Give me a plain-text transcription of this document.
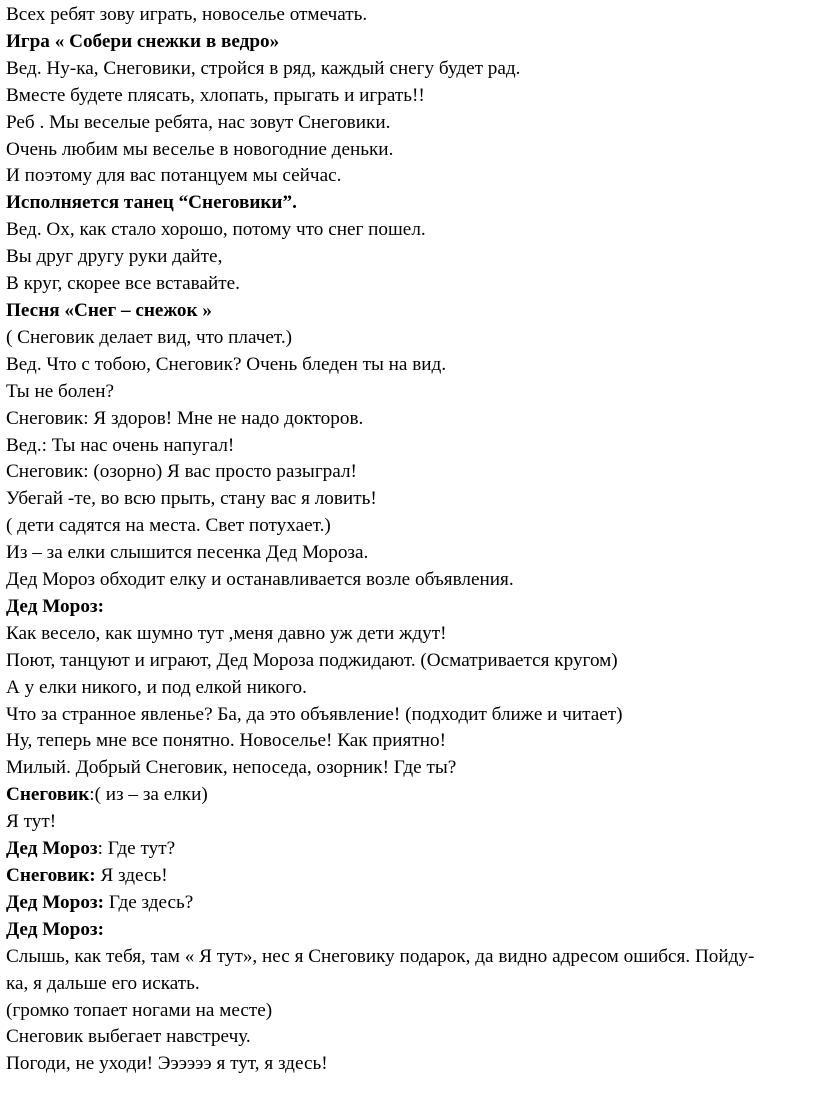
Всех ребят зову играть, новоселье отмечать.

Игра « Собери снежки в ведро»

Вед. Ну-ка, Снеговики, стройся в ряд, каждый снегу будет рад.

Вместе будете плясать, хлопать, прыгать и играть!!

Реб . Мы веселые ребята, нас зовут Снеговики.

Очень любим мы веселье в новогодние деньки.

И поэтому для вас потанцуем мы сейчас.

Исполняется танец “Снеговики”.

Вед. Ох, как стало хорошо, потому что снег пошел.

Вы друг другу руки дайте,

В круг, скорее все вставайте.

Песня «Снег – снежок »

( Снеговик делает вид, что плачет.)

Вед. Что с тобою, Снеговик? Очень бледен ты на вид.

Ты не болен?

Снеговик: Я здоров! Мне не надо докторов.

Вед.: Ты нас очень напугал!

Снеговик: (озорно) Я вас просто разыграл!

Убегай -те, во всю прыть, стану вас я ловить!

( дети садятся на места. Свет потухает.)

Из – за елки слышится песенка Дед Мороза.

Дед Мороз обходит елку и останавливается возле объявления.

Дед Мороз:

Как весело, как шумно тут ,меня давно уж дети ждут!

Поют, танцуют и играют, Дед Мороза поджидают. (Осматривается кругом)

А у елки никого, и под елкой никого.

Что за странное явленье? Ба, да это объявление! (подходит ближе и читает)

Ну, теперь мне все понятно. Новоселье! Как приятно!

Милый. Добрый Снеговик, непоседа, озорник! Где ты?

Снеговик:( из – за елки)

Я тут!

Дед Мороз: Где тут?

Снеговик: Я здесь!

Дед Мороз: Где здесь?

Дед Мороз:

Слышь, как тебя, там « Я тут», нес я Снеговику подарок, да видно адресом ошибся. Пойду-

ка, я дальше его искать.

(громко топает ногами на месте)

Снеговик выбегает навстречу.

Погоди, не уходи! Ээээээ я тут, я здесь!
